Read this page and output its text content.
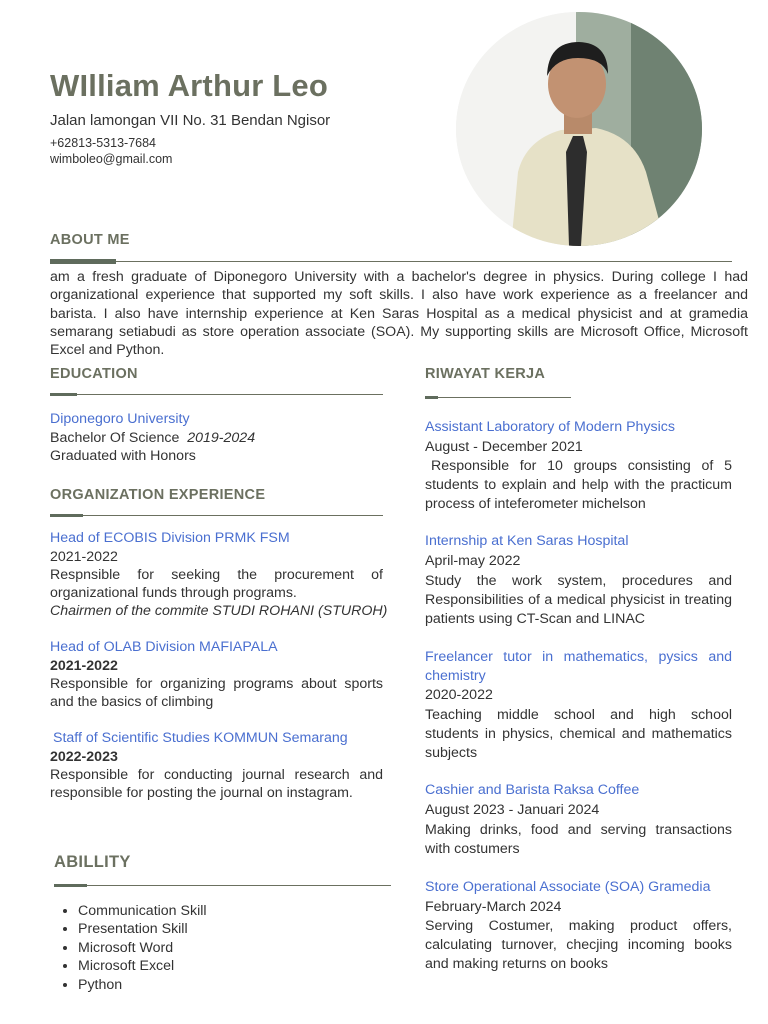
WIlliam Arthur Leo
Jalan lamongan VII No. 31 Bendan Ngisor
+62813-5313-7684
wimboleo@gmail.com
ABOUT ME
am a fresh graduate of Diponegoro University with a bachelor's degree in physics. During college I had organizational experience that supported my soft skills. I also have work experience as a freelancer and barista. I also have internship experience at Ken Saras Hospital as a medical physicist and at gramedia semarang setiabudi as store operation associate (SOA). My supporting skills are Microsoft Office, Microsoft Excel and Python.
EDUCATION
Diponegoro University
Bachelor Of Science 2019-2024
Graduated with Honors
ORGANIZATION EXPERIENCE
Head of ECOBIS Division PRMK FSM
2021-2022
Respnsible for seeking the procurement of organizational funds through programs.
Chairmen of the commite STUDI ROHANI (STUROH)
Head of OLAB Division MAFIAPALA
2021-2022
Responsible for organizing programs about sports and the basics of climbing
Staff of Scientific Studies KOMMUN Semarang
2022-2023
Responsible for conducting journal research and responsible for posting the journal on instagram.
ABILLITY
• Communication Skill
• Presentation Skill
• Microsoft Word
• Microsoft Excel
• Python
RIWAYAT KERJA
Assistant Laboratory of Modern Physics
August - December 2021
Responsible for 10 groups consisting of 5 students to explain and help with the practicum process of inteferometer michelson
Internship at Ken Saras Hospital
April-may 2022
Study the work system, procedures and Responsibilities of a medical physicist in treating patients using CT-Scan and LINAC
Freelancer tutor in mathematics, pysics and chemistry
2020-2022
Teaching middle school and high school students in physics, chemical and mathematics subjects
Cashier and Barista Raksa Coffee
August 2023 - Januari 2024
Making drinks, food and serving transactions with costumers
Store Operational Associate (SOA) Gramedia
February-March 2024
Serving Costumer, making product offers, calculating turnover, checjing incoming books and making returns on books
